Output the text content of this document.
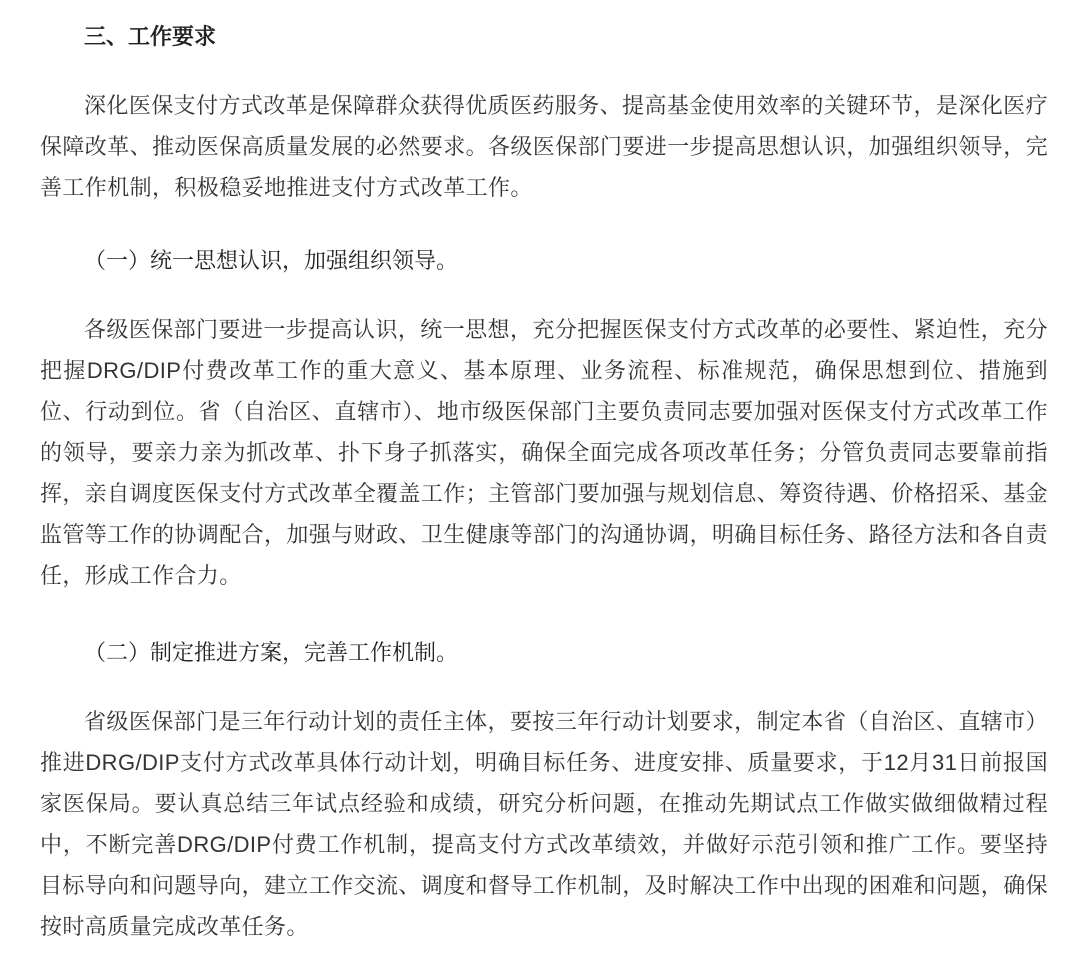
三、工作要求

深化医保支付方式改革是保障群众获得优质医药服务、提高基金使用效率的关键环节，是深化医疗保障改革、推动医保高质量发展的必然要求。各级医保部门要进一步提高思想认识，加强组织领导，完善工作机制，积极稳妥地推进支付方式改革工作。

（一）统一思想认识，加强组织领导。

各级医保部门要进一步提高认识，统一思想，充分把握医保支付方式改革的必要性、紧迫性，充分把握DRG/DIP付费改革工作的重大意义、基本原理、业务流程、标准规范，确保思想到位、措施到位、行动到位。省（自治区、直辖市）、地市级医保部门主要负责同志要加强对医保支付方式改革工作的领导，要亲力亲为抓改革、扑下身子抓落实，确保全面完成各项改革任务；分管负责同志要靠前指挥，亲自调度医保支付方式改革全覆盖工作；主管部门要加强与规划信息、筹资待遇、价格招采、基金监管等工作的协调配合，加强与财政、卫生健康等部门的沟通协调，明确目标任务、路径方法和各自责任，形成工作合力。

（二）制定推进方案，完善工作机制。

省级医保部门是三年行动计划的责任主体，要按三年行动计划要求，制定本省（自治区、直辖市）推进DRG/DIP支付方式改革具体行动计划，明确目标任务、进度安排、质量要求，于12月31日前报国家医保局。要认真总结三年试点经验和成绩，研究分析问题，在推动先期试点工作做实做细做精过程中，不断完善DRG/DIP付费工作机制，提高支付方式改革绩效，并做好示范引领和推广工作。要坚持目标导向和问题导向，建立工作交流、调度和督导工作机制，及时解决工作中出现的困难和问题，确保按时高质量完成改革任务。
